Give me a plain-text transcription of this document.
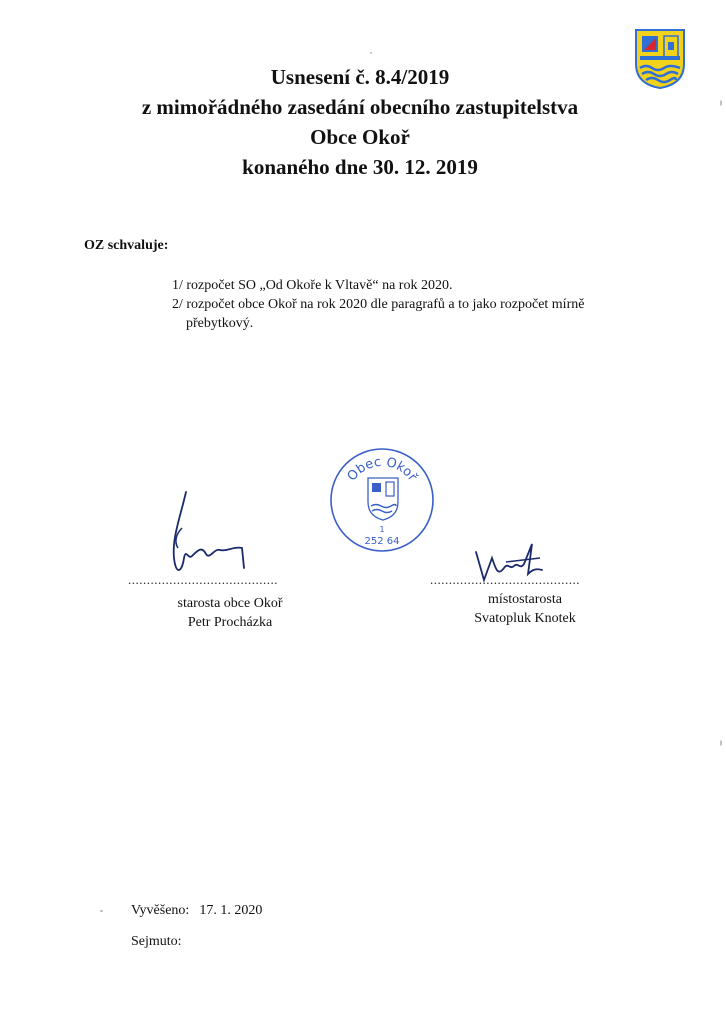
Usnesení č. 8.4/2019
z mimořádného zasedání obecního zastupitelstva
Obce Okoř
konaného dne 30. 12. 2019
OZ schvaluje:
1/ rozpočet SO „Od Okoře k Vltavě“ na rok 2020.
2/ rozpočet obce Okoř na rok 2020 dle paragrafů a to jako rozpočet mírně přebytkový.
Obec Okoř
1
252 64
........................................	........................................
starosta obce Okoř
Petr Procházka
místostarosta
Svatopluk Knotek
Vyvěšeno: 17. 1. 2020
Sejmuto:
